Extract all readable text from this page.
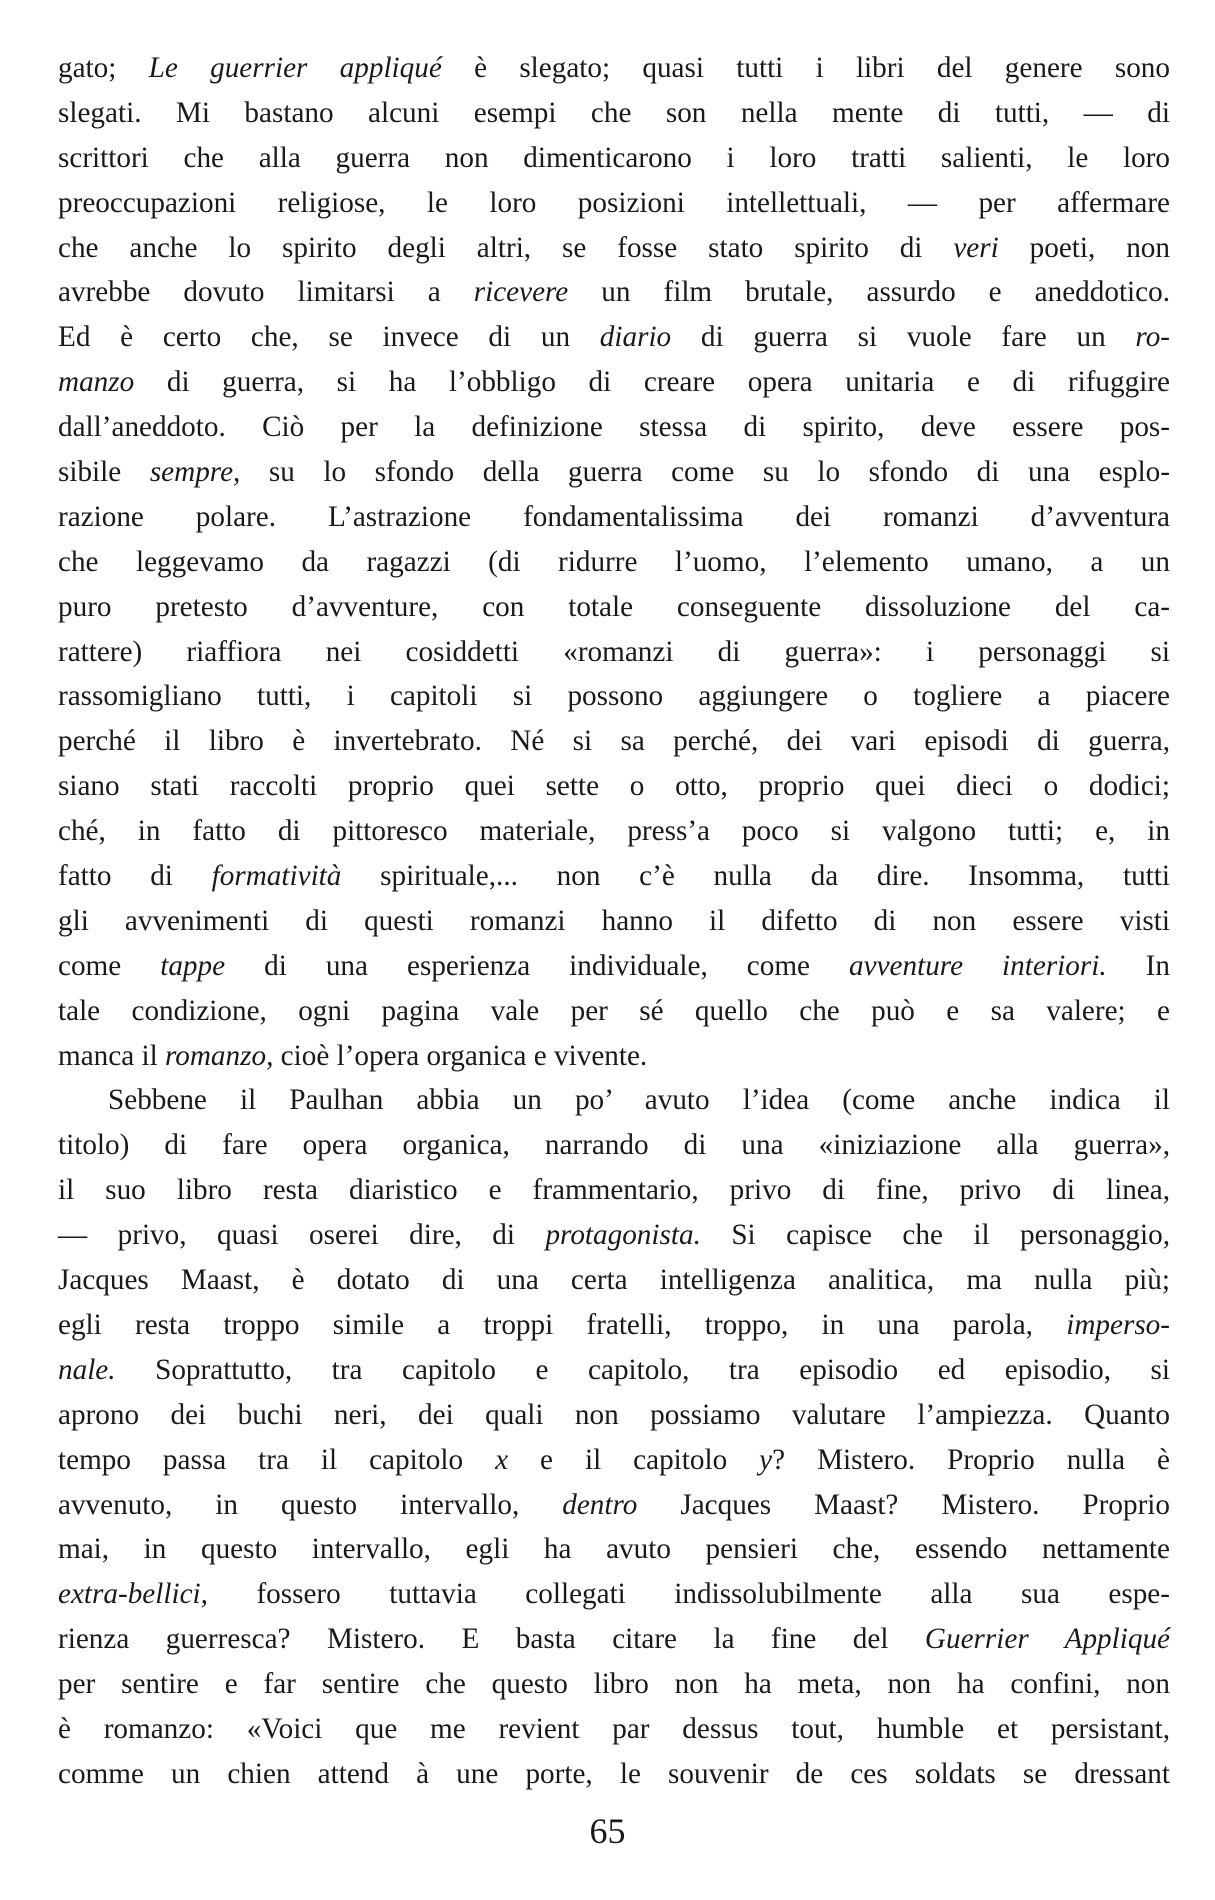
gato; Le guerrier appliqué è slegato; quasi tutti i libri del genere sono
slegati. Mi bastano alcuni esempi che son nella mente di tutti, — di
scrittori che alla guerra non dimenticarono i loro tratti salienti, le loro
preoccupazioni religiose, le loro posizioni intellettuali, — per affermare
che anche lo spirito degli altri, se fosse stato spirito di veri poeti, non
avrebbe dovuto limitarsi a ricevere un film brutale, assurdo e aneddotico.
Ed è certo che, se invece di un diario di guerra si vuole fare un ro-
manzo di guerra, si ha l’obbligo di creare opera unitaria e di rifuggire
dall’aneddoto. Ciò per la definizione stessa di spirito, deve essere pos-
sibile sempre, su lo sfondo della guerra come su lo sfondo di una esplo-
razione polare. L’astrazione fondamentalissima dei romanzi d’avventura
che leggevamo da ragazzi (di ridurre l’uomo, l’elemento umano, a un
puro pretesto d’avventure, con totale conseguente dissoluzione del ca-
rattere) riaffiora nei cosiddetti «romanzi di guerra»: i personaggi si
rassomigliano tutti, i capitoli si possono aggiungere o togliere a piacere
perché il libro è invertebrato. Né si sa perché, dei vari episodi di guerra,
siano stati raccolti proprio quei sette o otto, proprio quei dieci o dodici;
ché, in fatto di pittoresco materiale, press’a poco si valgono tutti; e, in
fatto di formatività spirituale,... non c’è nulla da dire. Insomma, tutti
gli avvenimenti di questi romanzi hanno il difetto di non essere visti
come tappe di una esperienza individuale, come avventure interiori. In
tale condizione, ogni pagina vale per sé quello che può e sa valere; e
manca il romanzo, cioè l’opera organica e vivente.
Sebbene il Paulhan abbia un po’ avuto l’idea (come anche indica il
titolo) di fare opera organica, narrando di una «iniziazione alla guerra»,
il suo libro resta diaristico e frammentario, privo di fine, privo di linea,
— privo, quasi oserei dire, di protagonista. Si capisce che il personaggio,
Jacques Maast, è dotato di una certa intelligenza analitica, ma nulla più;
egli resta troppo simile a troppi fratelli, troppo, in una parola, imperso-
nale. Soprattutto, tra capitolo e capitolo, tra episodio ed episodio, si
aprono dei buchi neri, dei quali non possiamo valutare l’ampiezza. Quanto
tempo passa tra il capitolo x e il capitolo y? Mistero. Proprio nulla è
avvenuto, in questo intervallo, dentro Jacques Maast? Mistero. Proprio
mai, in questo intervallo, egli ha avuto pensieri che, essendo nettamente
extra-bellici, fossero tuttavia collegati indissolubilmente alla sua espe-
rienza guerresca? Mistero. E basta citare la fine del Guerrier Appliqué
per sentire e far sentire che questo libro non ha meta, non ha confini, non
è romanzo: «Voici que me revient par dessus tout, humble et persistant,
comme un chien attend à une porte, le souvenir de ces soldats se dressant
65
